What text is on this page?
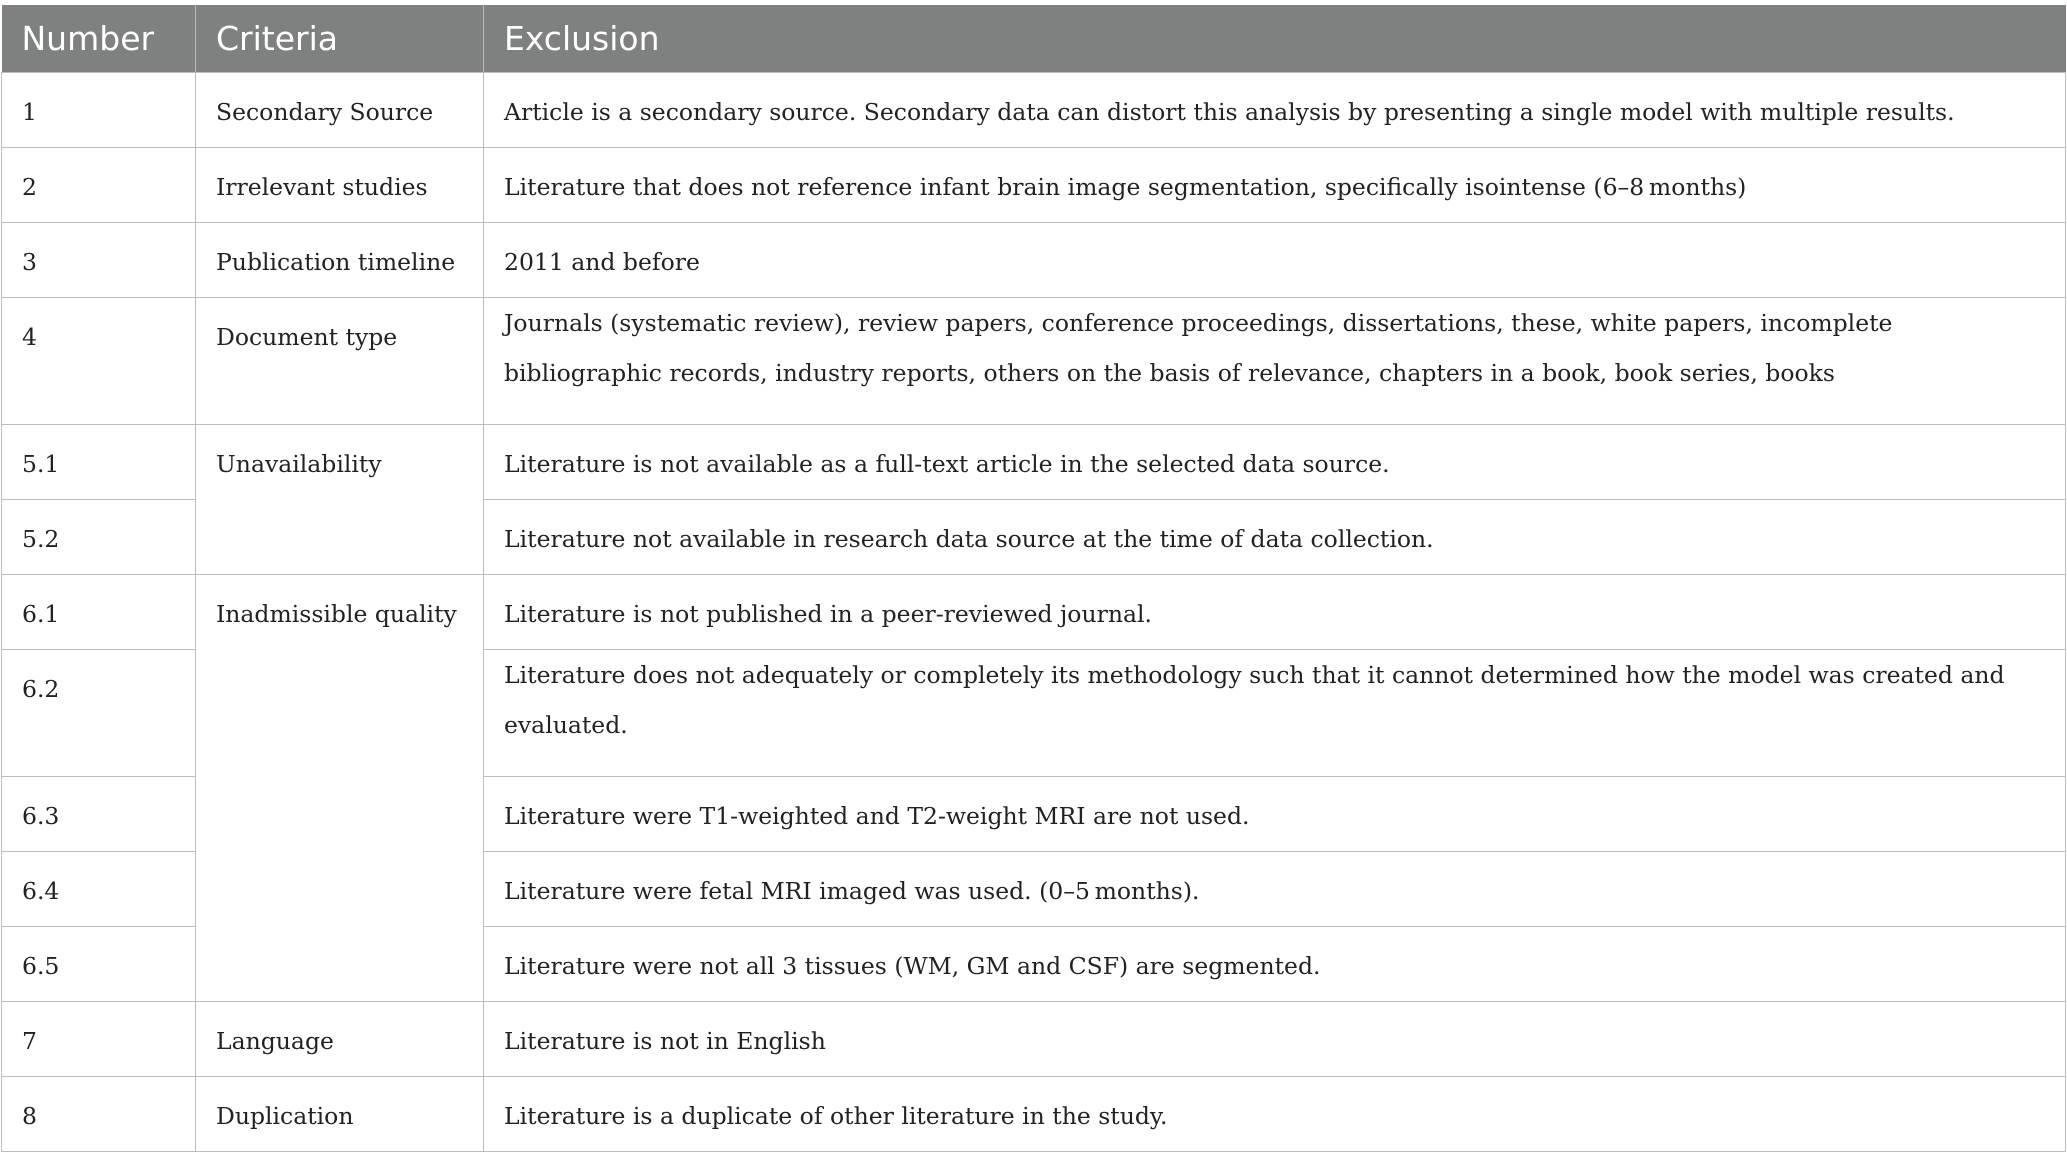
Number	Criteria	Exclusion
1	Secondary Source	Article is a secondary source. Secondary data can distort this analysis by presenting a single model with multiple results.
2	Irrelevant studies	Literature that does not reference infant brain image segmentation, specifically isointense (6–8 months)
3	Publication timeline	2011 and before
4	Document type	Journals (systematic review), review papers, conference proceedings, dissertations, these, white papers, incomplete bibliographic records, industry reports, others on the basis of relevance, chapters in a book, book series, books
5.1	Unavailability	Literature is not available as a full-text article in the selected data source.
5.2		Literature not available in research data source at the time of data collection.
6.1	Inadmissible quality	Literature is not published in a peer-reviewed journal.
6.2		Literature does not adequately or completely its methodology such that it cannot determined how the model was created and evaluated.
6.3		Literature were T1-weighted and T2-weight MRI are not used.
6.4		Literature were fetal MRI imaged was used. (0–5 months).
6.5		Literature were not all 3 tissues (WM, GM and CSF) are segmented.
7	Language	Literature is not in English
8	Duplication	Literature is a duplicate of other literature in the study.
